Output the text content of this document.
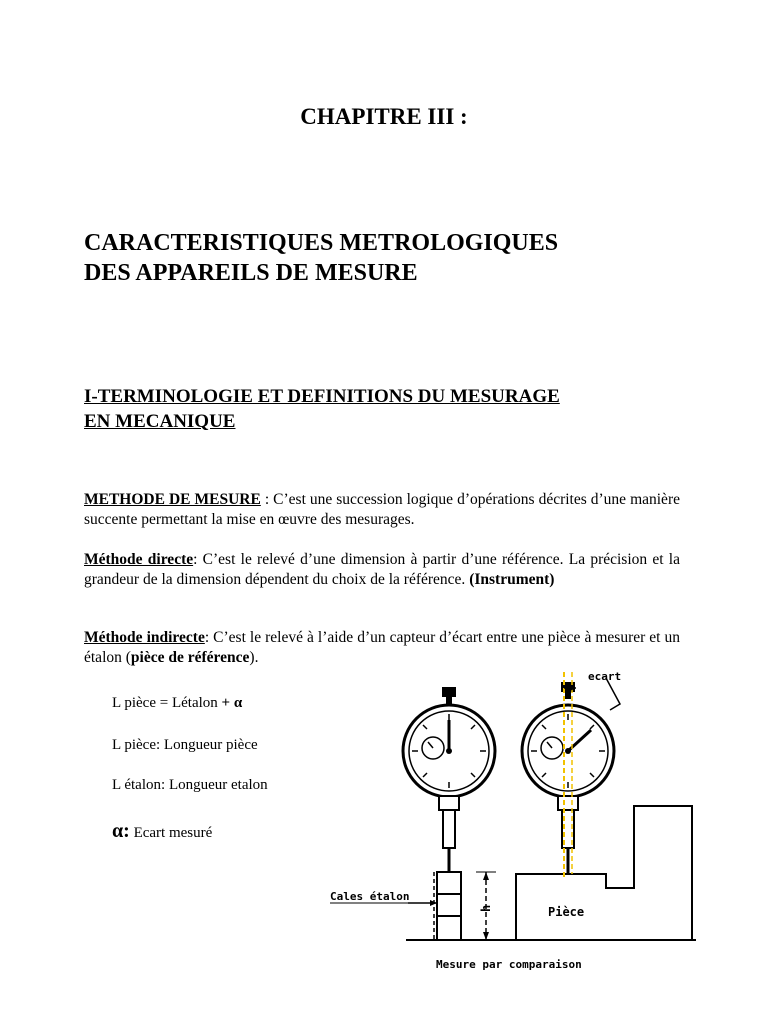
CHAPITRE III :
CARACTERISTIQUES METROLOGIQUES
DES APPAREILS DE MESURE
I-TERMINOLOGIE ET DEFINITIONS DU MESURAGE
EN MECANIQUE
METHODE DE MESURE : C’est une succession logique d’opérations décrites d’une manière succente permettant la mise en œuvre des mesurages.
Méthode directe: C’est le relevé d’une dimension à partir d’une référence. La précision et la grandeur de la dimension dépendent du choix de la référence. (Instrument)
Méthode indirecte: C’est le relevé à l’aide d’un capteur d’écart entre une pièce à mesurer et un étalon (pièce de référence).
L pièce = Létalon + α
L pièce: Longueur pièce
L étalon: Longueur etalon
α: Ecart mesuré
Cales étalon
h	Pièce
ecart
Mesure par comparaison
